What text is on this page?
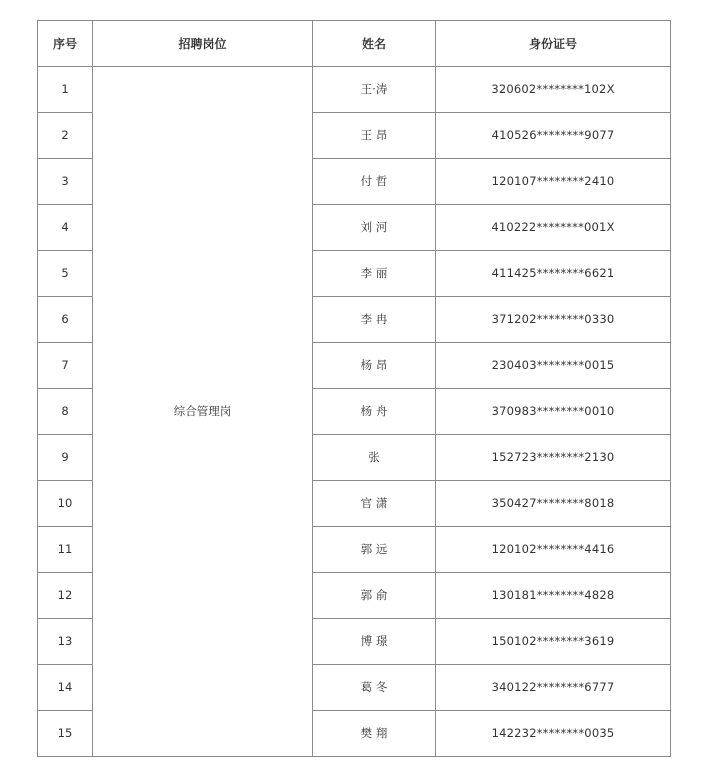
序号	招聘岗位	姓名	身份证号
1	综合管理岗	王·涛	320602********102X
2		王 昂	410526********9077
3		付 哲	120107********2410
4		刘 河	410222********001X
5		李 丽	411425********6621
6		李 冉	371202********0330
7		杨 昂	230403********0015
8		杨 舟	370983********0010
9		张	152723********2130
10		官 潇	350427********8018
11		郭 远	120102********4416
12		郭 俞	130181********4828
13		博 璟	150102********3619
14		葛 冬	340122********6777
15		樊 翔	142232********0035
